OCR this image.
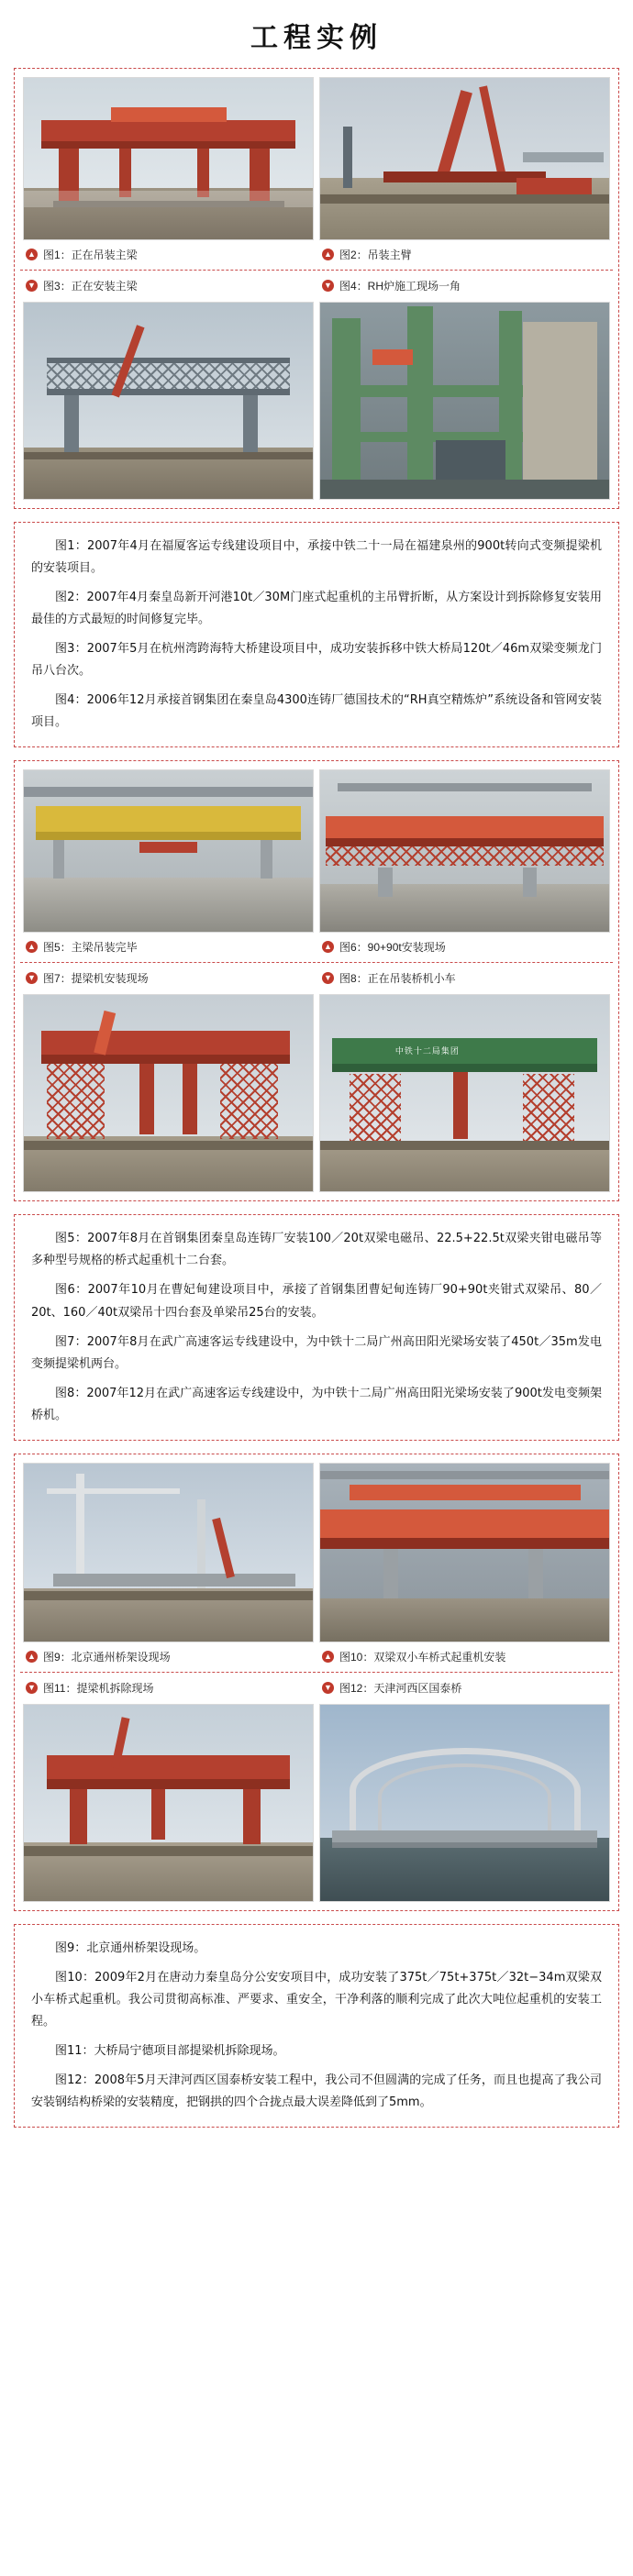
工程实例
▲ 图1：正在吊装主梁	▲ 图2：吊装主臂
▼ 图3：正在安装主梁	▼ 图4：RH炉施工现场一角

图1：2007年4月在福厦客运专线建设项目中，承接中铁二十一局在福建泉州的900t转向式变频提梁机的安装项目。

图2：2007年4月秦皇岛新开河港10t／30M门座式起重机的主吊臂折断，从方案设计到拆除修复安装用最佳的方式最短的时间修复完毕。

图3：2007年5月在杭州湾跨海特大桥建设项目中，成功安装拆移中铁大桥局120t／46m双梁变频龙门吊八台次。

图4：2006年12月承接首钢集团在秦皇岛4300连铸厂德国技术的“RH真空精炼炉”系统设备和管网安装项目。

▲ 图5：主梁吊装完毕	▲ 图6：90+90t安装现场
▼ 图7：提梁机安装现场	▼ 图8：正在吊装桥机小车
中铁十二局集团

图5：2007年8月在首钢集团秦皇岛连铸厂安装100／20t双梁电磁吊、22.5+22.5t双梁夹钳电磁吊等多种型号规格的桥式起重机十二台套。

图6：2007年10月在曹妃甸建设项目中，承接了首钢集团曹妃甸连铸厂90+90t夹钳式双梁吊、80／20t、160／40t双梁吊十四台套及单梁吊25台的安装。

图7：2007年8月在武广高速客运专线建设中，为中铁十二局广州高田阳光梁场安装了450t／35m发电变频提梁机两台。

图8：2007年12月在武广高速客运专线建设中，为中铁十二局广州高田阳光梁场安装了900t发电变频架桥机。

▲ 图9：北京通州桥架设现场	▲ 图10：双梁双小车桥式起重机安装
▼ 图11：提梁机拆除现场	▼ 图12：天津河西区国泰桥

图9：北京通州桥架设现场。

图10：2009年2月在唐动力秦皇岛分公安安项目中，成功安装了375t／75t+375t／32t−34m双梁双小车桥式起重机。我公司贯彻高标准、严要求、重安全，干净利落的顺利完成了此次大吨位起重机的安装工程。

图11：大桥局宁德项目部提梁机拆除现场。

图12：2008年5月天津河西区国泰桥安装工程中，我公司不但圆满的完成了任务，而且也提高了我公司安装钢结构桥梁的安装精度，把钢拱的四个合拢点最大误差降低到了5mm。
